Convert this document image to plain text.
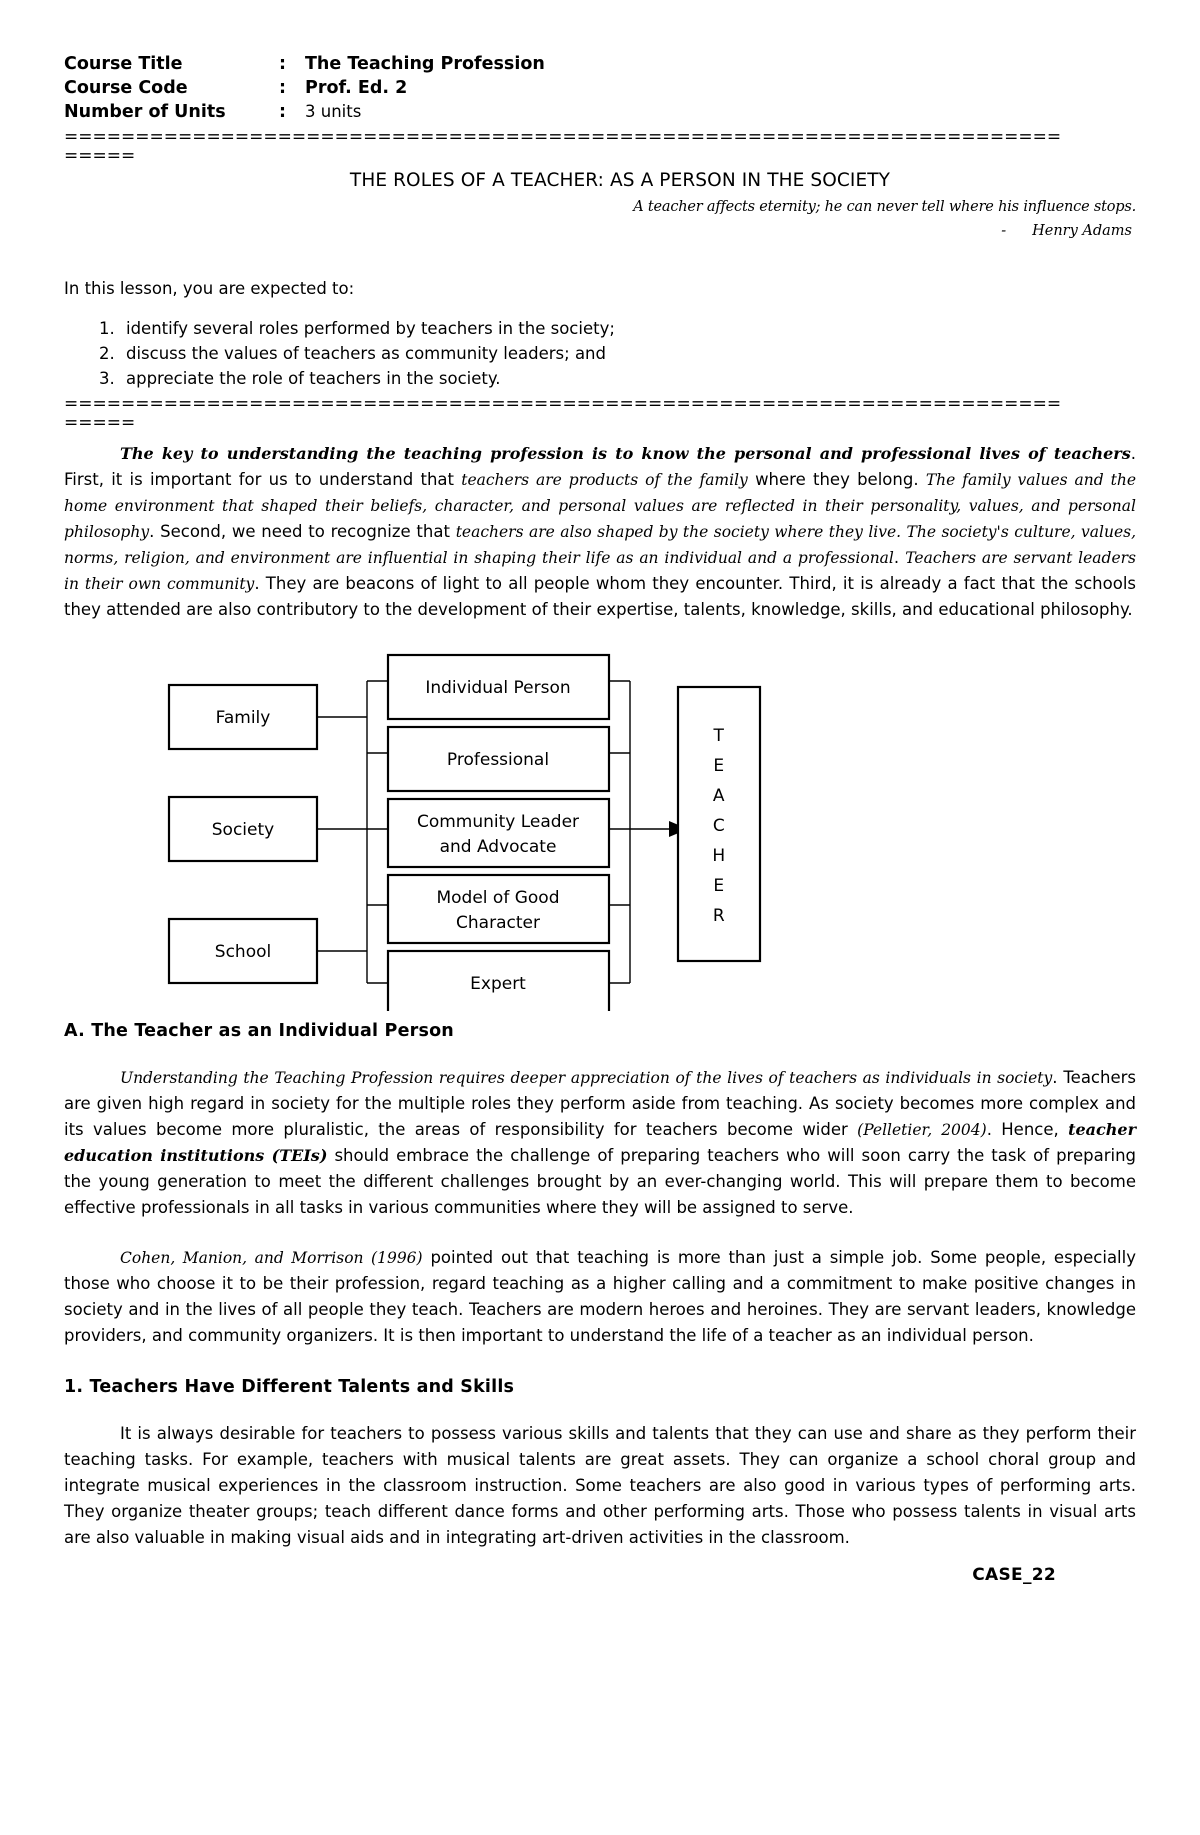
Course Title	:	The Teaching Profession
Course Code	:	Prof. Ed. 2
Number of Units	:	3 units
===========================================================================
THE ROLES OF A TEACHER: AS A PERSON IN THE SOCIETY
A teacher affects eternity; he can never tell where his influence stops.
- Henry Adams

In this lesson, you are expected to:

1. identify several roles performed by teachers in the society;
2. discuss the values of teachers as community leaders; and
3. appreciate the role of teachers in the society.
===========================================================================

The key to understanding the teaching profession is to know the personal and professional lives of teachers. First, it is important for us to understand that teachers are products of the family where they belong. The family values and the home environment that shaped their beliefs, character, and personal values are reflected in their personality, values, and personal philosophy. Second, we need to recognize that teachers are also shaped by the society where they live. The society's culture, values, norms, religion, and environment are influential in shaping their life as an individual and a professional. Teachers are servant leaders in their own community. They are beacons of light to all people whom they encounter. Third, it is already a fact that the schools they attended are also contributory to the development of their expertise, talents, knowledge, skills, and educational philosophy.

Family
Society
School
Individual Person
Professional
Community Leader
and Advocate
Model of Good
Character
Expert
T
E
A
C
H
E
R
A. The Teacher as an Individual Person

Understanding the Teaching Profession requires deeper appreciation of the lives of teachers as individuals in society. Teachers are given high regard in society for the multiple roles they perform aside from teaching. As society becomes more complex and its values become more pluralistic, the areas of responsibility for teachers become wider (Pelletier, 2004). Hence, teacher education institutions (TEIs) should embrace the challenge of preparing teachers who will soon carry the task of preparing the young generation to meet the different challenges brought by an ever-changing world. This will prepare them to become effective professionals in all tasks in various communities where they will be assigned to serve.

Cohen, Manion, and Morrison (1996) pointed out that teaching is more than just a simple job. Some people, especially those who choose it to be their profession, regard teaching as a higher calling and a commitment to make positive changes in society and in the lives of all people they teach. Teachers are modern heroes and heroines. They are servant leaders, knowledge providers, and community organizers. It is then important to understand the life of a teacher as an individual person.

1. Teachers Have Different Talents and Skills

It is always desirable for teachers to possess various skills and talents that they can use and share as they perform their teaching tasks. For example, teachers with musical talents are great assets. They can organize a school choral group and integrate musical experiences in the classroom instruction. Some teachers are also good in various types of performing arts. They organize theater groups; teach different dance forms and other performing arts. Those who possess talents in visual arts are also valuable in making visual aids and in integrating art-driven activities in the classroom.

CASE_22
